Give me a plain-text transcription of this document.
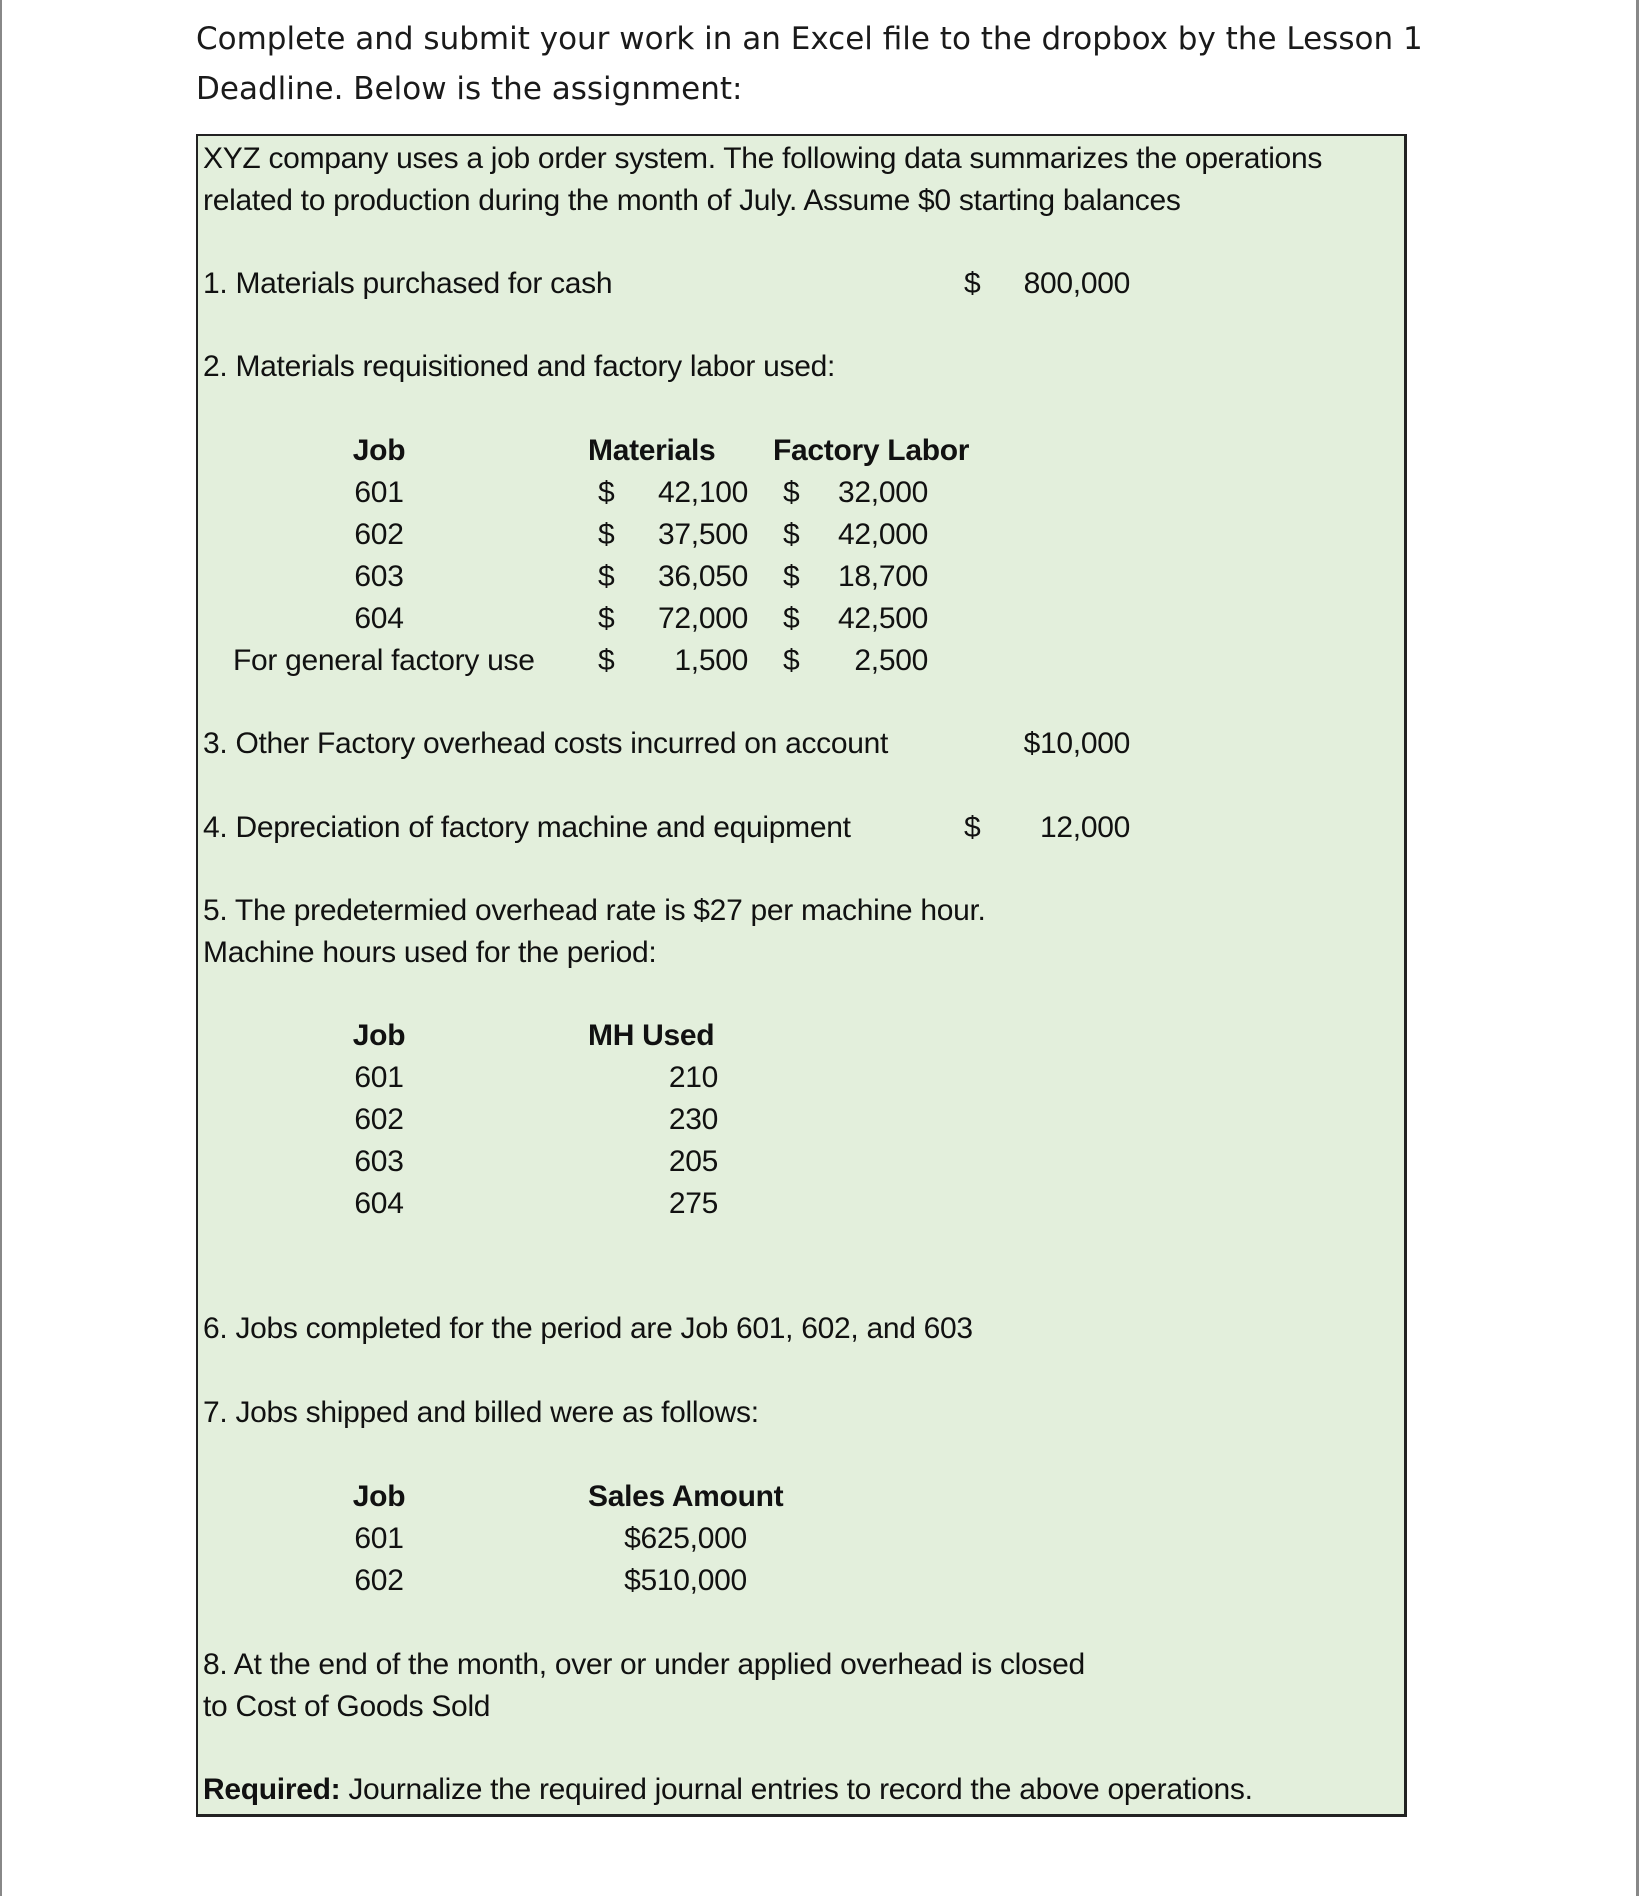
Complete and submit your work in an Excel file to the dropbox by the Lesson 1
Deadline. Below is the assignment:
XYZ company uses a job order system. The following data summarizes the operations
related to production during the month of July. Assume $0 starting balances
1. Materials purchased for cash	$	800,000
2. Materials requisitioned and factory labor used:
Job	Materials Factory Labor
601	$	42,100 $	32,000
602	$	37,500 $	42,000
603	$	36,050 $	18,700
604	$	72,000 $	42,500
For general factory use $	1,500 $	2,500
3. Other Factory overhead costs incurred on account	$10,000
4. Depreciation of factory machine and equipment	$	12,000
5. The predetermied overhead rate is $27 per machine hour.
Machine hours used for the period:
Job	MH Used
601	210
602	230
603	205
604	275
6. Jobs completed for the period are Job 601, 602, and 603
7. Jobs shipped and billed were as follows:
Job	Sales Amount
601	$625,000
602	$510,000
8. At the end of the month, over or under applied overhead is closed
to Cost of Goods Sold
Required: Journalize the required journal entries to record the above operations.
